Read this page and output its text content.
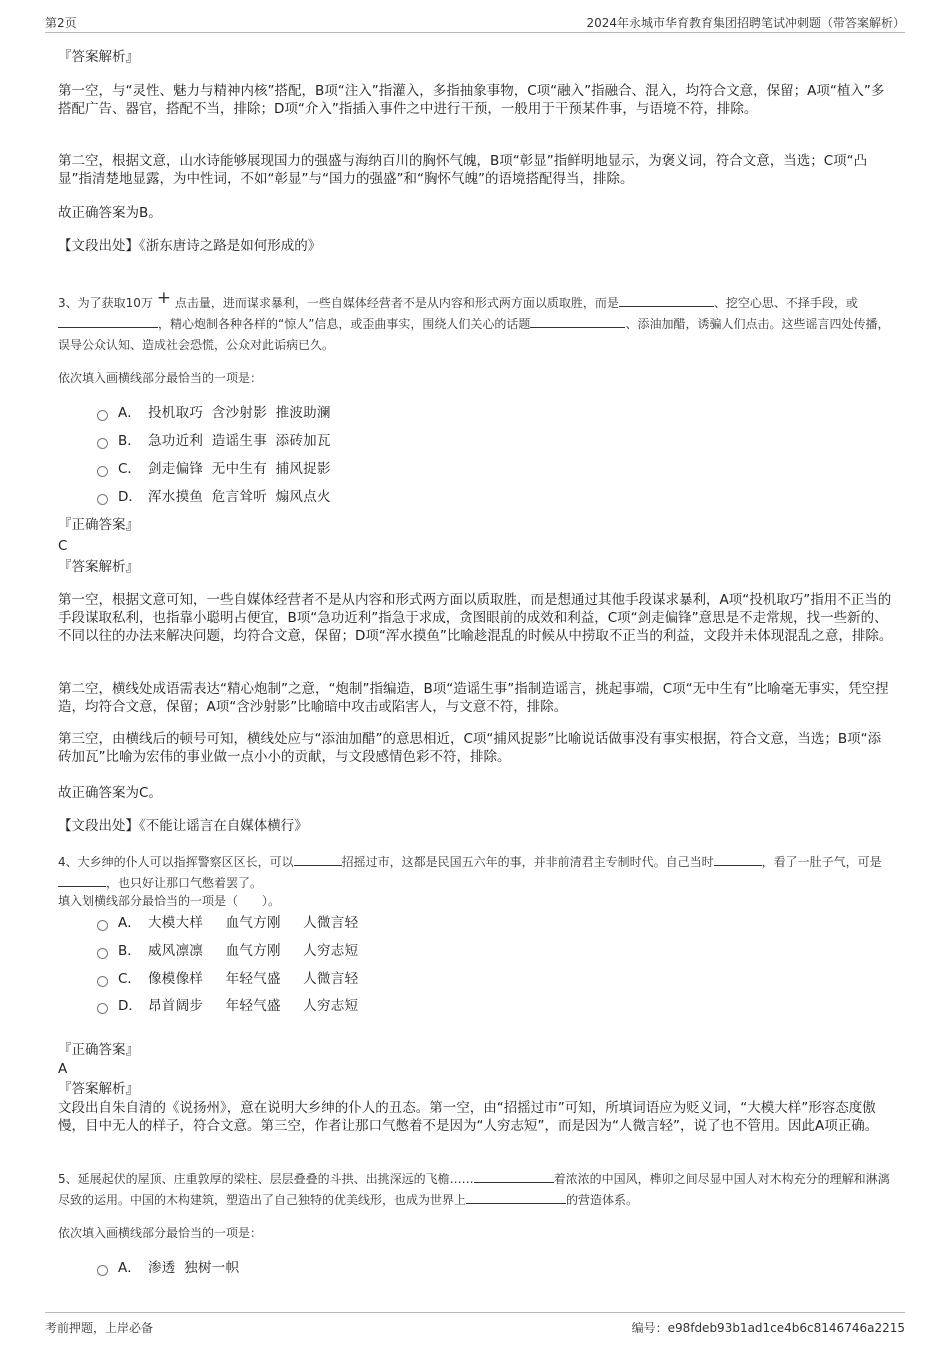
第2页	2024年永城市华育教育集团招聘笔试冲刺题（带答案解析）
『答案解析』
第一空，与“灵性、魅力与精神内核”搭配，B项“注入”指灌入，多指抽象事物，C项“融入”指融合、混入，均符合文意，保留；A项“植入”多搭配广告、器官，搭配不当，排除；D项“介入”指插入事件之中进行干预，一般用于干预某件事，与语境不符，排除。
第二空，根据文意，山水诗能够展现国力的强盛与海纳百川的胸怀气魄，B项“彰显”指鲜明地显示，为褒义词，符合文意，当选；C项“凸显”指清楚地显露，为中性词，不如“彰显”与“国力的强盛”和“胸怀气魄”的语境搭配得当，排除。
故正确答案为B。
【文段出处】《浙东唐诗之路是如何形成的》
3、为了获取10万 + 点击量，进而谋求暴利，一些自媒体经营者不是从内容和形式两方面以质取胜，而是	、挖空心思、不择手段，或，精心炮制各种各样的“惊人”信息，或歪曲事实，围绕人们关心的话题	、添油加醋，诱骗人们点击。这些谣言四处传播，误导公众认知、造成社会恐慌，公众对此诟病已久。
依次填入画横线部分最恰当的一项是：
A． 投机取巧 含沙射影 推波助澜
B． 急功近利 造谣生事 添砖加瓦
C． 剑走偏锋 无中生有 捕风捉影
D． 浑水摸鱼 危言耸听 煽风点火
『正确答案』
C
『答案解析』
第一空，根据文意可知，一些自媒体经营者不是从内容和形式两方面以质取胜，而是想通过其他手段谋求暴利，A项“投机取巧”指用不正当的手段谋取私利，也指靠小聪明占便宜，B项“急功近利”指急于求成，贪图眼前的成效和利益，C项“剑走偏锋”意思是不走常规，找一些新的、不同以往的办法来解决问题，均符合文意，保留；D项“浑水摸鱼”比喻趁混乱的时候从中捞取不正当的利益，文段并未体现混乱之意，排除。
第二空，横线处成语需表达“精心炮制”之意，“炮制”指编造，B项“造谣生事”指制造谣言，挑起事端，C项“无中生有”比喻毫无事实，凭空捏造，均符合文意，保留；A项“含沙射影”比喻暗中攻击或陷害人，与文意不符，排除。
第三空，由横线后的顿号可知，横线处应与“添油加醋”的意思相近，C项“捕风捉影”比喻说话做事没有事实根据，符合文意，当选；B项“添砖加瓦”比喻为宏伟的事业做一点小小的贡献，与文段感情色彩不符，排除。
故正确答案为C。
【文段出处】《不能让谣言在自媒体横行》
4、大乡绅的仆人可以指挥警察区区长，可以	招摇过市，这都是民国五六年的事，并非前清君主专制时代。自己当时	，看了一肚子气，可是，也只好让那口气憋着罢了。
填入划横线部分最恰当的一项是（　　）。
A． 大模大样　 血气方刚　 人微言轻
B． 威风凛凛　 血气方刚　 人穷志短
C． 像模像样　 年轻气盛　 人微言轻
D． 昂首阔步　 年轻气盛　 人穷志短
『正确答案』
A
『答案解析』
文段出自朱自清的《说扬州》，意在说明大乡绅的仆人的丑态。第一空，由“招摇过市”可知，所填词语应为贬义词，“大模大样”形容态度傲慢，目中无人的样子，符合文意。第三空，作者让那口气憋着不是因为“人穷志短”，而是因为“人微言轻”，说了也不管用。因此A项正确。
5、延展起伏的屋顶、庄重敦厚的梁柱、层层叠叠的斗拱、出挑深远的飞檐……	着浓浓的中国风，榫卯之间尽显中国人对木构充分的理解和淋漓尽致的运用。中国的木构建筑，塑造出了自己独特的优美线形，也成为世界上	的营造体系。
依次填入画横线部分最恰当的一项是：
A． 渗透 独树一帜
考前押题，上岸必备	编号：e98fdeb93b1ad1ce4b6c8146746a2215
